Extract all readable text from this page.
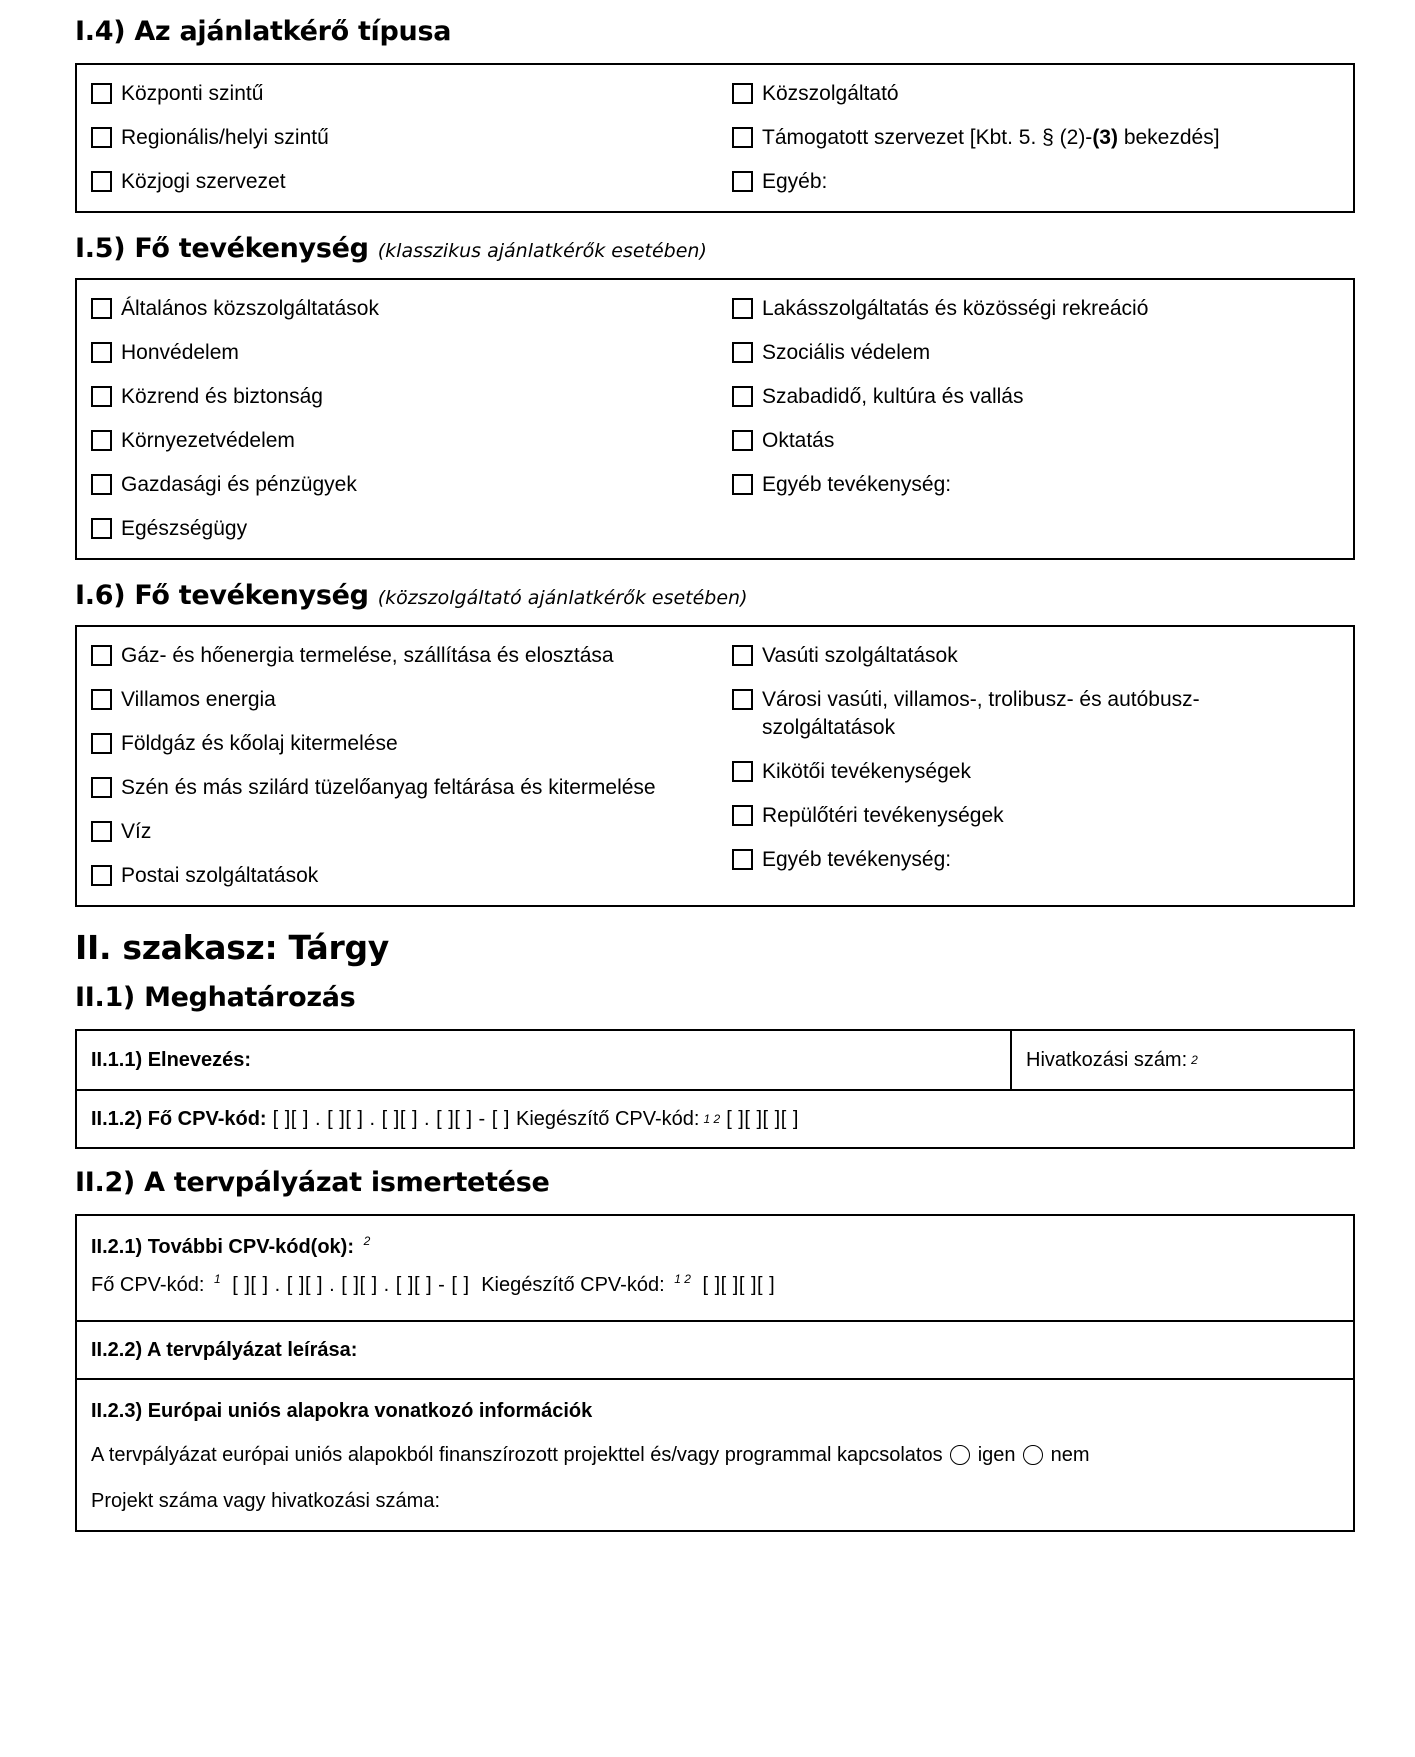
I.4) Az ajánlatkérő típusa
Központi szintű
Regionális/helyi szintű
Közjogi szervezet
Közszolgáltató
Támogatott szervezet [Kbt. 5. § (2)-(3) bekezdés]
Egyéb:
I.5) Fő tevékenység (klasszikus ajánlatkérők esetében)
Általános közszolgáltatások
Honvédelem
Közrend és biztonság
Környezetvédelem
Gazdasági és pénzügyek
Egészségügy
Lakásszolgáltatás és közösségi rekreáció
Szociális védelem
Szabadidő, kultúra és vallás
Oktatás
Egyéb tevékenység:
I.6) Fő tevékenység (közszolgáltató ajánlatkérők esetében)
Gáz- és hőenergia termelése, szállítása és elosztása
Villamos energia
Földgáz és kőolaj kitermelése
Szén és más szilárd tüzelőanyag feltárása és kitermelése
Víz
Postai szolgáltatások
Vasúti szolgáltatások
Városi vasúti, villamos-, trolibusz- és autóbusz-szolgáltatások
Kikötői tevékenységek
Repülőtéri tevékenységek
Egyéb tevékenység:
II. szakasz: Tárgy
II.1) Meghatározás
II.1.1) Elnevezés:	Hivatkozási szám: 2
II.1.2) Fő CPV-kód: [ ][ ] . [ ][ ] . [ ][ ] . [ ][ ] - [ ] Kiegészítő CPV-kód: 1 2 [ ][ ][ ][ ]
II.2) A tervpályázat ismertetése
II.2.1) További CPV-kód(ok): $^2$
Fő CPV-kód: $^1$  [ ][ ] . [ ][ ] . [ ][ ] . [ ][ ] - [ ]  Kiegészítő CPV-kód: $^{1 2}$  [ ][ ][ ][ ]
II.2.2) A tervpályázat leírása:
II.2.3) Európai uniós alapokra vonatkozó információk
A tervpályázat európai uniós alapokból finanszírozott projekttel és/vagy programmal kapcsolatos igen nem
Projekt száma vagy hivatkozási száma:
